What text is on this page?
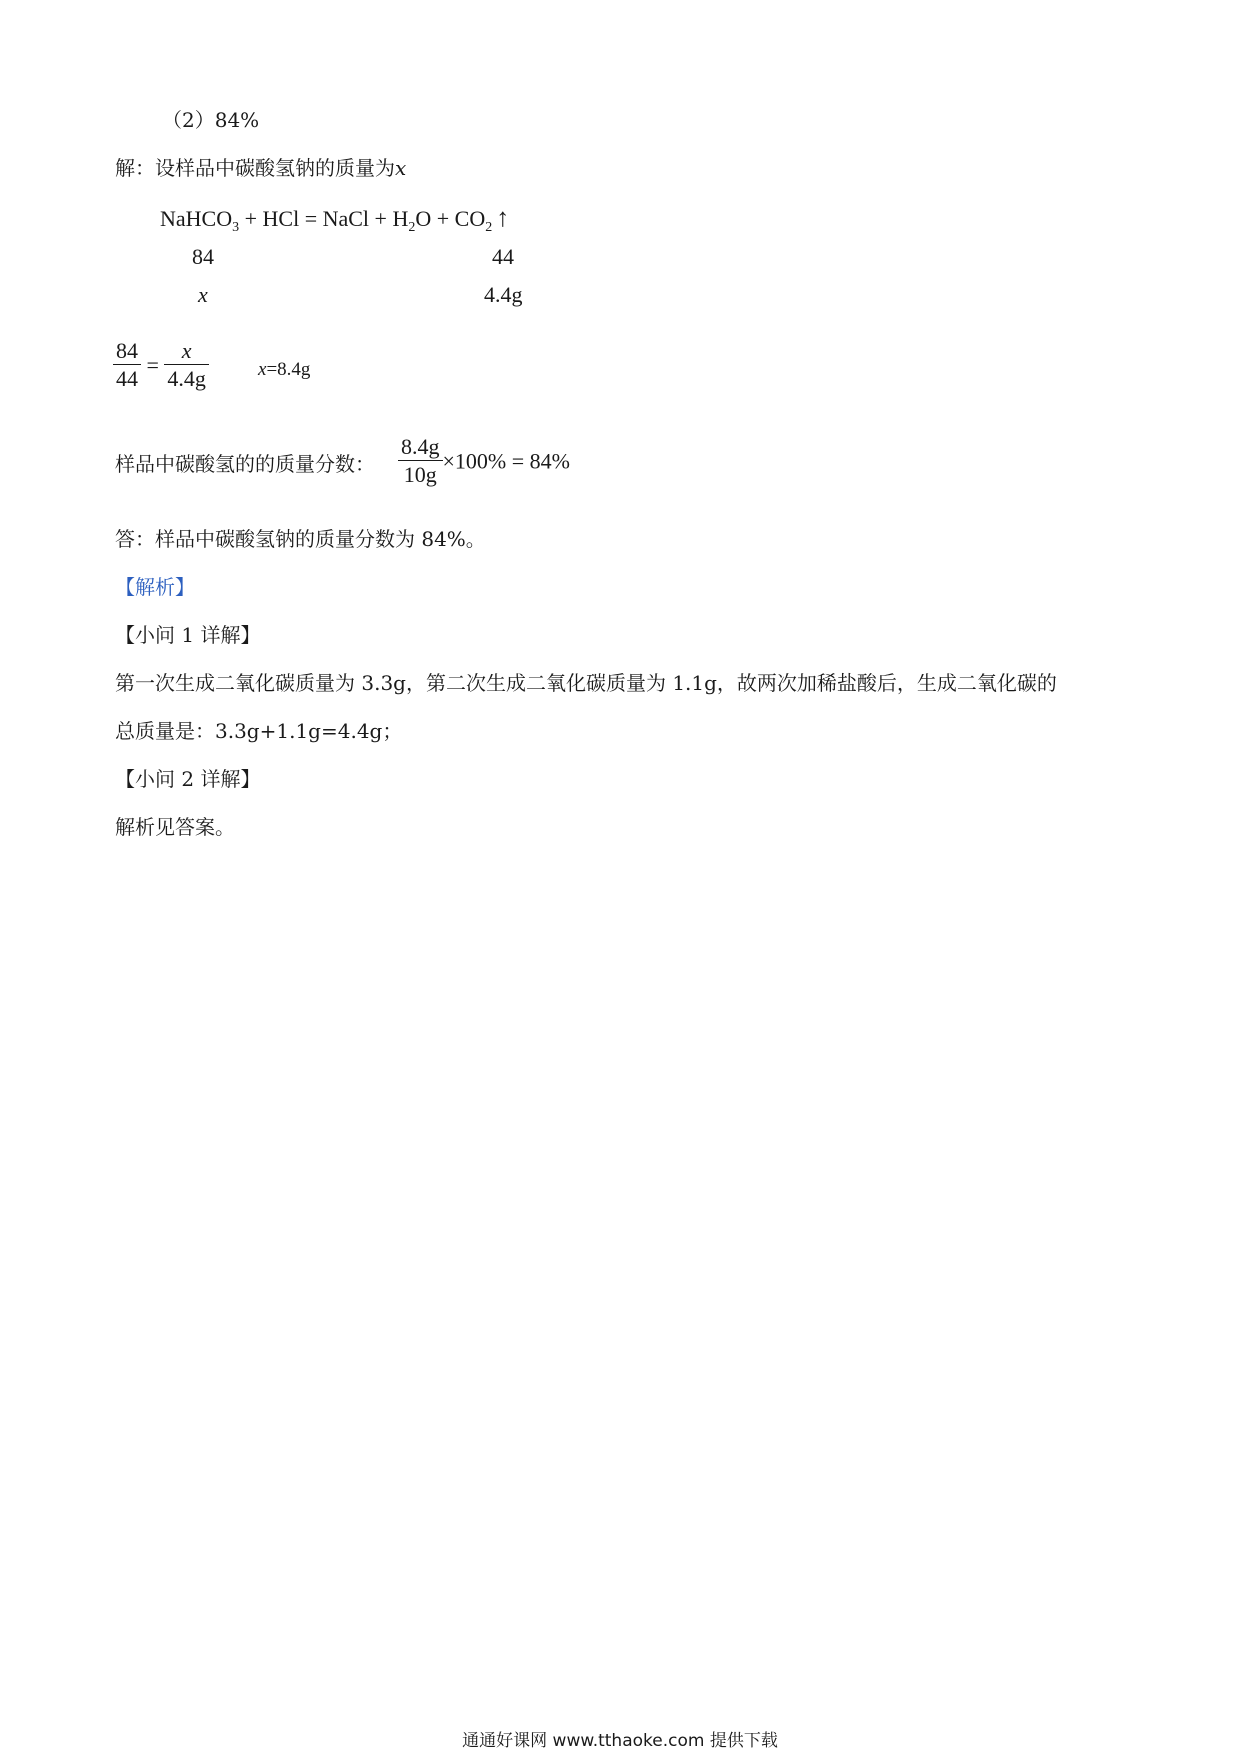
（2）84%
解：设样品中碳酸氢钠的质量为x
NaHCO$_3$ + HCl = NaCl + $H_2O + CO_2$ ↑
84	44
x	4.4g
$\frac{84}{44} = \frac{x}{4.4g}$	x=8.4g
样品中碳酸氢的的质量分数： $\frac{8.4g}{10g} \times 100\% = 84\%$
答：样品中碳酸氢钠的质量分数为 84%。
【解析】
【小问 1 详解】
第一次生成二氧化碳质量为 3.3g，第二次生成二氧化碳质量为 1.1g，故两次加稀盐酸后，生成二氧化碳的
总质量是：3.3g+1.1g=4.4g；
【小问 2 详解】
解析见答案。
通通好课网 www.tthaoke.com 提供下载
